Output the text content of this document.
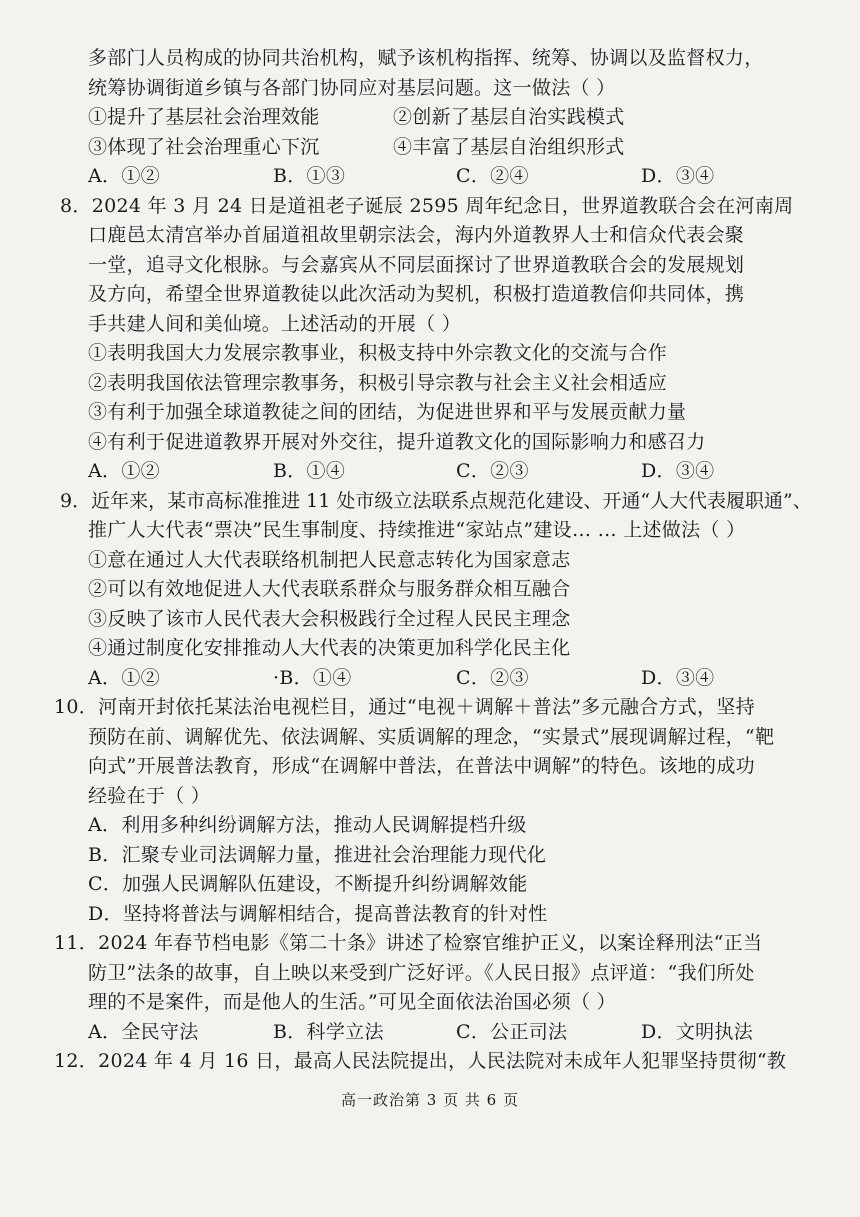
多部门人员构成的协同共治机构，赋予该机构指挥、统筹、协调以及监督权力，
统筹协调街道乡镇与各部门协同应对基层问题。这一做法（ ）
①提升了基层社会治理效能	②创新了基层自治实践模式
③体现了社会治理重心下沉	④丰富了基层自治组织形式
A．①②	B．①③	C．②④	D．③④
8．2024 年 3 月 24 日是道祖老子诞辰 2595 周年纪念日，世界道教联合会在河南周
口鹿邑太清宫举办首届道祖故里朝宗法会，海内外道教界人士和信众代表会聚
一堂，追寻文化根脉。与会嘉宾从不同层面探讨了世界道教联合会的发展规划
及方向，希望全世界道教徒以此次活动为契机，积极打造道教信仰共同体，携
手共建人间和美仙境。上述活动的开展（ ）
①表明我国大力发展宗教事业，积极支持中外宗教文化的交流与合作
②表明我国依法管理宗教事务，积极引导宗教与社会主义社会相适应
③有利于加强全球道教徒之间的团结，为促进世界和平与发展贡献力量
④有利于促进道教界开展对外交往，提升道教文化的国际影响力和感召力
A．①②	B．①④	C．②③	D．③④
9．近年来，某市高标准推进 11 处市级立法联系点规范化建设、开通“人大代表履职通”、
推广人大代表“票决”民生事制度、持续推进“家站点”建设… … 上述做法（ ）
①意在通过人大代表联络机制把人民意志转化为国家意志
②可以有效地促进人大代表联系群众与服务群众相互融合
③反映了该市人民代表大会积极践行全过程人民民主理念
④通过制度化安排推动人大代表的决策更加科学化民主化
A．①②	·B．①④	C．②③	D．③④
10．河南开封依托某法治电视栏目，通过“电视＋调解＋普法”多元融合方式，坚持
预防在前、调解优先、依法调解、实质调解的理念，“实景式”展现调解过程，“靶
向式”开展普法教育，形成“在调解中普法，在普法中调解”的特色。该地的成功
经验在于（ ）
A．利用多种纠纷调解方法，推动人民调解提档升级
B．汇聚专业司法调解力量，推进社会治理能力现代化
C．加强人民调解队伍建设，不断提升纠纷调解效能
D．坚持将普法与调解相结合，提高普法教育的针对性
11．2024 年春节档电影《第二十条》讲述了检察官维护正义，以案诠释刑法“正当
防卫”法条的故事，自上映以来受到广泛好评。《人民日报》点评道：“我们所处
理的不是案件，而是他人的生活。”可见全面依法治国必须（ ）
A．全民守法	B．科学立法	C．公正司法	D．文明执法
12．2024 年 4 月 16 日，最高人民法院提出，人民法院对未成年人犯罪坚持贯彻“教
高一政治第 3 页 共 6 页
